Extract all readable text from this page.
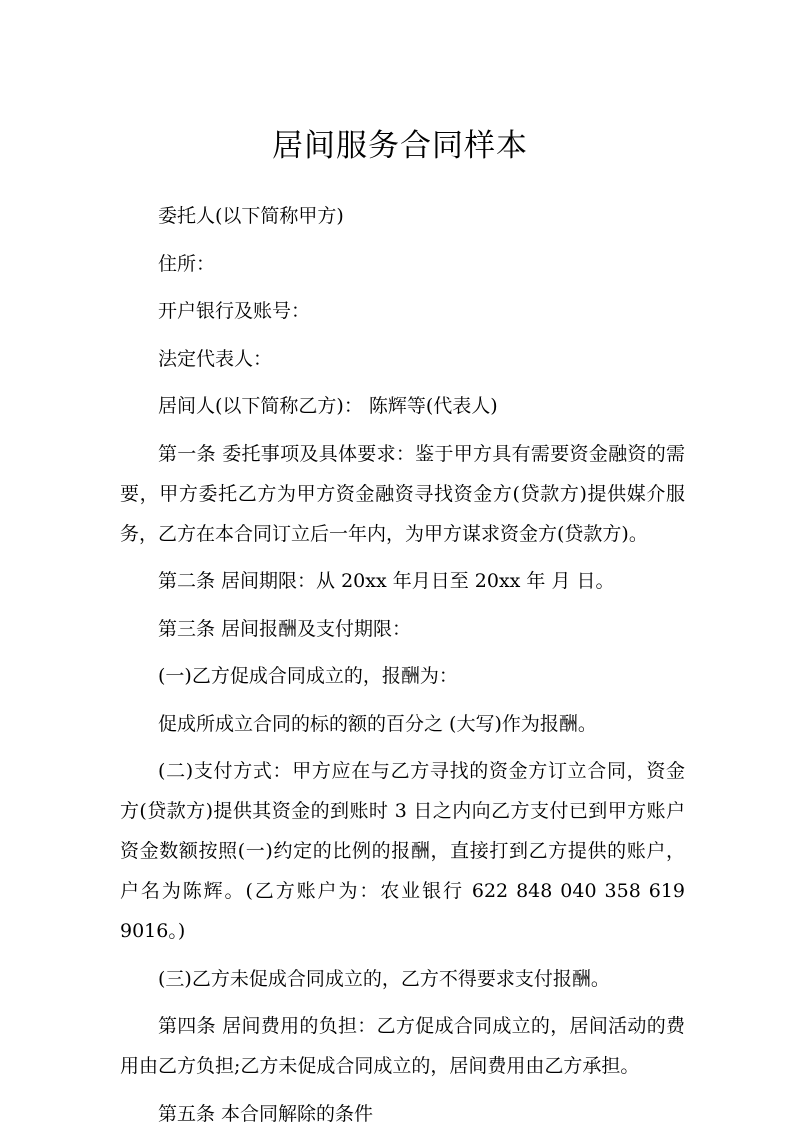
居间服务合同样本

委托人(以下简称甲方)

住所：

开户银行及账号：

法定代表人：

居间人(以下简称乙方)： 陈辉等(代表人)

第一条 委托事项及具体要求：鉴于甲方具有需要资金融资的需要，甲方委托乙方为甲方资金融资寻找资金方(贷款方)提供媒介服务，乙方在本合同订立后一年内，为甲方谋求资金方(贷款方)。

第二条 居间期限：从 20xx 年月日至 20xx 年 月 日。

第三条 居间报酬及支付期限：

(一)乙方促成合同成立的，报酬为：

促成所成立合同的标的额的百分之 (大写)作为报酬。

(二)支付方式：甲方应在与乙方寻找的资金方订立合同，资金方(贷款方)提供其资金的到账时 3 日之内向乙方支付已到甲方账户资金数额按照(一)约定的比例的报酬，直接打到乙方提供的账户，户名为陈辉。(乙方账户为：农业银行 622 848 040 358 619 9016。)

(三)乙方未促成合同成立的，乙方不得要求支付报酬。

第四条 居间费用的负担：乙方促成合同成立的，居间活动的费用由乙方负担;乙方未促成合同成立的，居间费用由乙方承担。

第五条 本合同解除的条件
